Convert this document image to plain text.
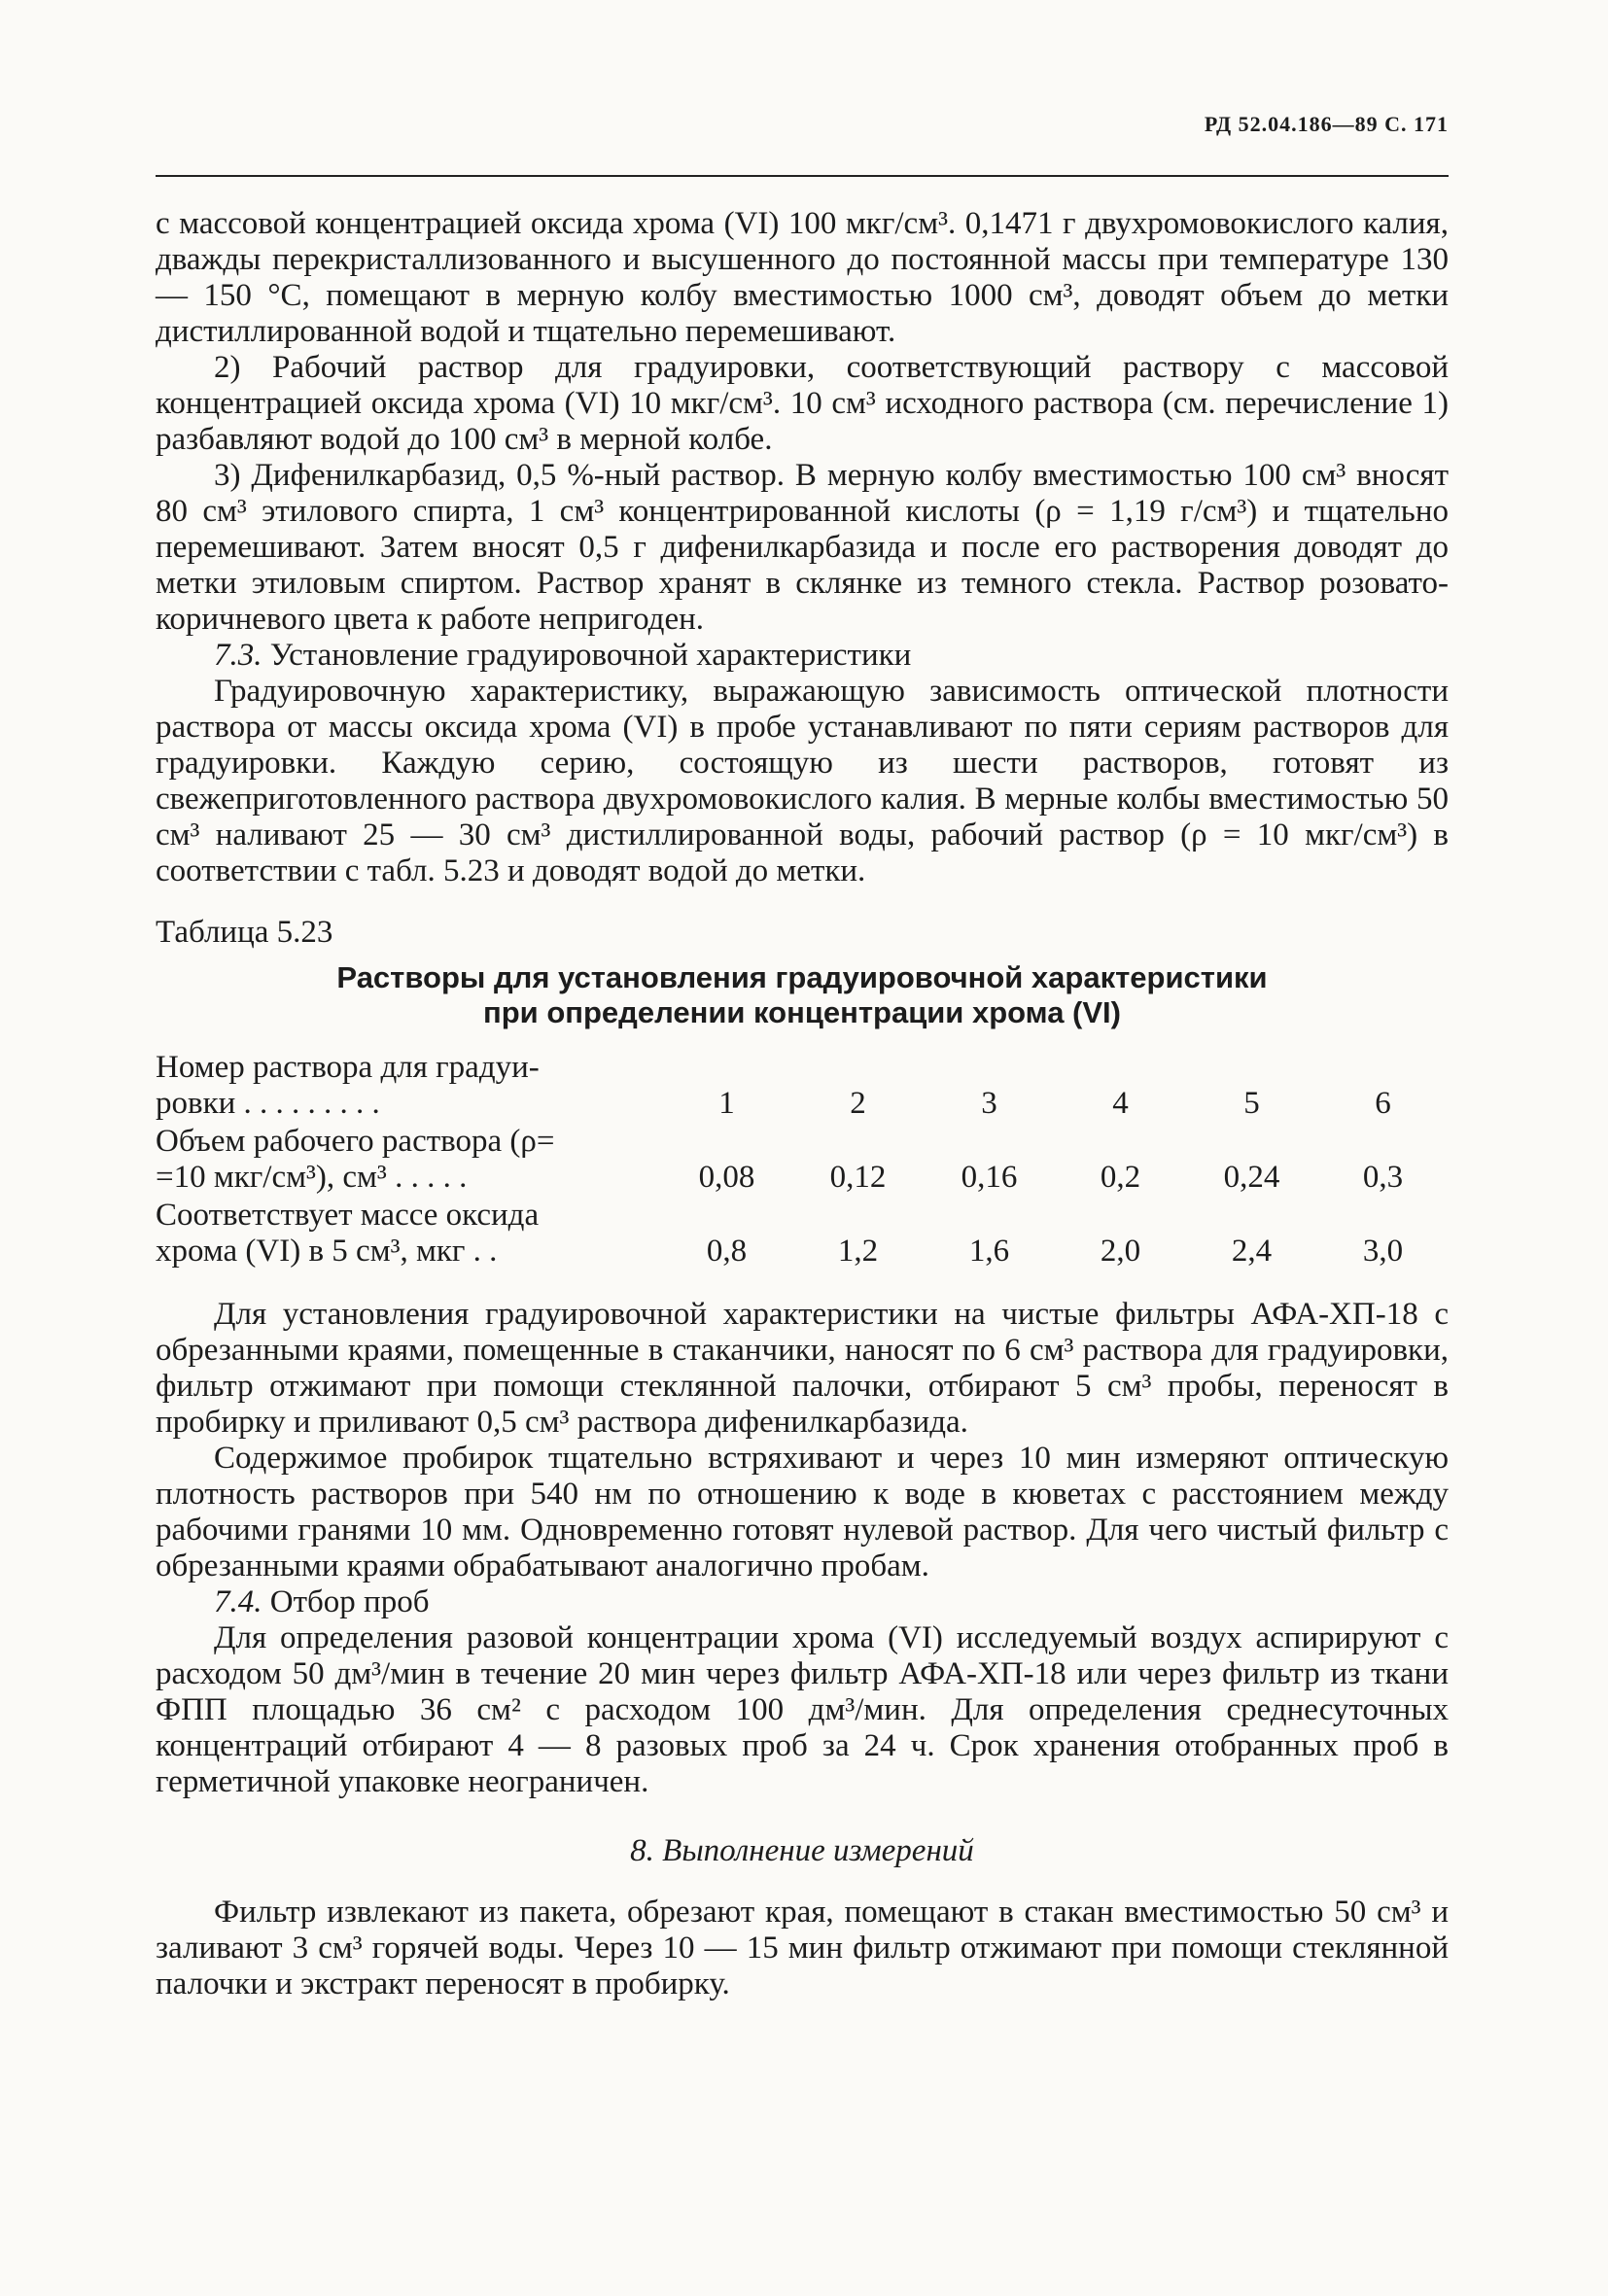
РД 52.04.186—89 С. 171

с массовой концентрацией оксида хрома (VI) 100 мкг/см³. 0,1471 г двухромовокислого калия, дважды перекристаллизованного и высушенного до постоянной массы при температуре 130 — 150 °С, помещают в мерную колбу вместимостью 1000 см³, доводят объем до метки дистиллированной водой и тщательно перемешивают.

2) Рабочий раствор для градуировки, соответствующий раствору с массовой концентрацией оксида хрома (VI) 10 мкг/см³. 10 см³ исходного раствора (см. перечисление 1) разбавляют водой до 100 см³ в мерной колбе.

3) Дифенилкарбазид, 0,5 %-ный раствор. В мерную колбу вместимостью 100 см³ вносят 80 см³ этилового спирта, 1 см³ концентрированной кислоты (ρ = 1,19 г/см³) и тщательно перемешивают. Затем вносят 0,5 г дифенилкарбазида и после его растворения доводят до метки этиловым спиртом. Раствор хранят в склянке из темного стекла. Раствор розовато-коричневого цвета к работе непригоден.

7.3. Установление градуировочной характеристики

Градуировочную характеристику, выражающую зависимость оптической плотности раствора от массы оксида хрома (VI) в пробе устанавливают по пяти сериям растворов для градуировки. Каждую серию, состоящую из шести растворов, готовят из свежеприготовленного раствора двухромовокислого калия. В мерные колбы вместимостью 50 см³ наливают 25 — 30 см³ дистиллированной воды, рабочий раствор (ρ = 10 мкг/см³) в соответствии с табл. 5.23 и доводят водой до метки.

Таблица 5.23

Растворы для установления градуировочной характеристики
при определении концентрации хрома (VI)

Номер раствора для градуи-
ровки . . . . . . . . .	1	2	3	4	5	6
Объем рабочего раствора (ρ=
=10 мкг/см³), см³ . . . . .	0,08	0,12	0,16	0,2	0,24	0,3
Соответствует массе оксида
хрома (VI) в 5 см³, мкг . .	0,8	1,2	1,6	2,0	2,4	3,0

Для установления градуировочной характеристики на чистые фильтры АФА-ХП-18 с обрезанными краями, помещенные в стаканчики, наносят по 6 см³ раствора для градуировки, фильтр отжимают при помощи стеклянной палочки, отбирают 5 см³ пробы, переносят в пробирку и приливают 0,5 см³ раствора дифенилкарбазида.

Содержимое пробирок тщательно встряхивают и через 10 мин измеряют оптическую плотность растворов при 540 нм по отношению к воде в кюветах с расстоянием между рабочими гранями 10 мм. Одновременно готовят нулевой раствор. Для чего чистый фильтр с обрезанными краями обрабатывают аналогично пробам.

7.4. Отбор проб

Для определения разовой концентрации хрома (VI) исследуемый воздух аспирируют с расходом 50 дм³/мин в течение 20 мин через фильтр АФА-ХП-18 или через фильтр из ткани ФПП площадью 36 см² с расходом 100 дм³/мин. Для определения среднесуточных концентраций отбирают 4 — 8 разовых проб за 24 ч. Срок хранения отобранных проб в герметичной упаковке неограничен.

8. Выполнение измерений

Фильтр извлекают из пакета, обрезают края, помещают в стакан вместимостью 50 см³ и заливают 3 см³ горячей воды. Через 10 — 15 мин фильтр отжимают при помощи стеклянной палочки и экстракт переносят в пробирку.
